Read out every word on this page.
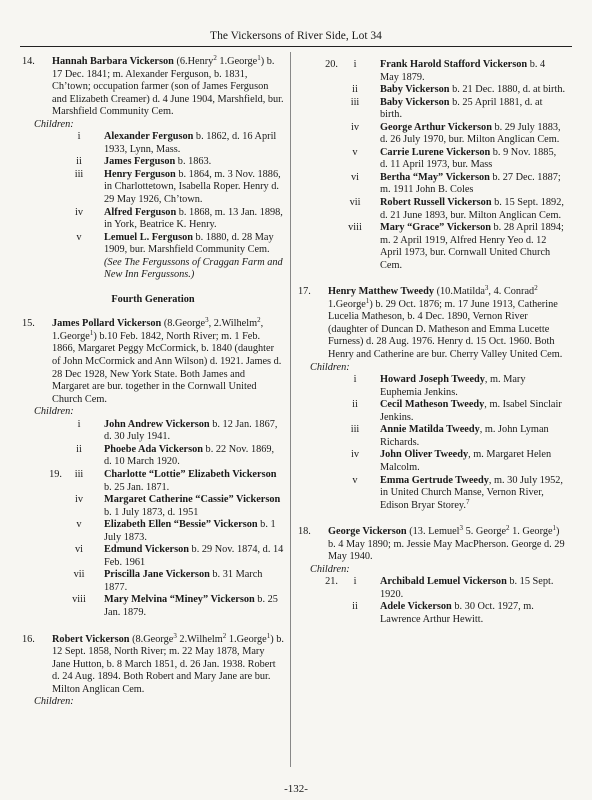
The Vickersons of River Side, Lot 34
14. Hannah Barbara Vickerson (6.Henry$^2$ 1.George$^1$) b. 17 Dec. 1841; m. Alexander Ferguson, b. 1831, Ch’town; occupation farmer (son of James Ferguson and Elizabeth Creamer) d. 4 June 1904, Marshfield, bur. Marshfield Community Cem.
Children:
i	Alexander Ferguson b. 1862, d. 16 April 1933, Lynn, Mass.
ii	James Ferguson b. 1863.
iii	Henry Ferguson b. 1864, m. 3 Nov. 1886, in Charlottetown, Isabella Roper. Henry d. 29 May 1926, Ch’town.
iv	Alfred Ferguson b. 1868, m. 13 Jan. 1898, in York, Beatrice K. Henry.
v	Lemuel L. Ferguson b. 1880, d. 28 May 1909, bur. Marshfield Community Cem. (See The Fergussons of Craggan Farm and New Inn Fergussons.)
Fourth Generation
15. James Pollard Vickerson (8.George$^3$, 2.Wilhelm$^2$, 1.George$^1$) b.10 Feb. 1842, North River; m. 1 Feb. 1866, Margaret Peggy McCormick, b. 1840 (daughter of John McCormick and Ann Wilson) d. 1921. James d. 28 Dec 1928, New York State. Both James and Margaret are bur. together in the Cornwall United Church Cem.
Children:
i	John Andrew Vickerson b. 12 Jan. 1867, d. 30 July 1941.
ii	Phoebe Ada Vickerson b. 22 Nov. 1869, d. 10 March 1920.
19.	iii	Charlotte “Lottie” Elizabeth Vickerson b. 25 Jan. 1871.
iv	Margaret Catherine “Cassie” Vickerson b. 1 July 1873, d. 1951
v	Elizabeth Ellen “Bessie” Vickerson b. 1 July 1873.
vi	Edmund Vickerson b. 29 Nov. 1874, d. 14 Feb. 1961
vii	Priscilla Jane Vickerson b. 31 March 1877.
viii	Mary Melvina “Miney” Vickerson b. 25 Jan. 1879.
16. Robert Vickerson (8.George$^3$ 2.Wilhelm$^2$ 1.George$^1$) b. 12 Sept. 1858, North River; m. 22 May 1878, Mary Jane Hutton, b. 8 March 1851, d. 26 Jan. 1938. Robert d. 24 Aug. 1894. Both Robert and Mary Jane are bur. Milton Anglican Cem.
Children:
20.	i	Frank Harold Stafford Vickerson b. 4 May 1879.
ii	Baby Vickerson b. 21 Dec. 1880, d. at birth.
iii	Baby Vickerson b. 25 April 1881, d. at birth.
iv	George Arthur Vickerson b. 29 July 1883, d. 26 July 1970, bur. Milton Anglican Cem.
v	Carrie Lurene Vickerson b. 9 Nov. 1885, d. 11 April 1973, bur. Mass
vi	Bertha “May” Vickerson b. 27 Dec. 1887; m. 1911 John B. Coles
vii	Robert Russell Vickerson b. 15 Sept. 1892, d. 21 June 1893, bur. Milton Anglican Cem.
viii	Mary “Grace” Vickerson b. 28 April 1894; m. 2 April 1919, Alfred Henry Yeo d. 12 April 1973, bur. Cornwall United Church Cem.
17. Henry Matthew Tweedy (10.Matilda$^3$, 4. Conrad$^2$ 1.George$^1$) b. 29 Oct. 1876; m. 17 June 1913, Catherine Lucelia Matheson, b. 4 Dec. 1890, Vernon River (daughter of Duncan D. Matheson and Emma Lucette Furness) d. 28 Aug. 1976. Henry d. 15 Oct. 1960. Both Henry and Catherine are bur. Cherry Valley United Cem.
Children:
i	Howard Joseph Tweedy, m. Mary Euphemia Jenkins.
ii	Cecil Matheson Tweedy, m. Isabel Sinclair Jenkins.
iii	Annie Matilda Tweedy, m. John Lyman Richards.
iv	John Oliver Tweedy, m. Margaret Helen Malcolm.
v	Emma Gertrude Tweedy, m. 30 July 1952, in United Church Manse, Vernon River, Edison Bryar Storey.$^7$
18. George Vickerson (13. Lemuel$^3$ 5. George$^2$ 1. George$^1$) b. 4 May 1890; m. Jessie May MacPherson. George d. 29 May 1940.
Children:
21.	i	Archibald Lemuel Vickerson b. 15 Sept. 1920.
ii	Adele Vickerson b. 30 Oct. 1927, m. Lawrence Arthur Hewitt.
-132-
